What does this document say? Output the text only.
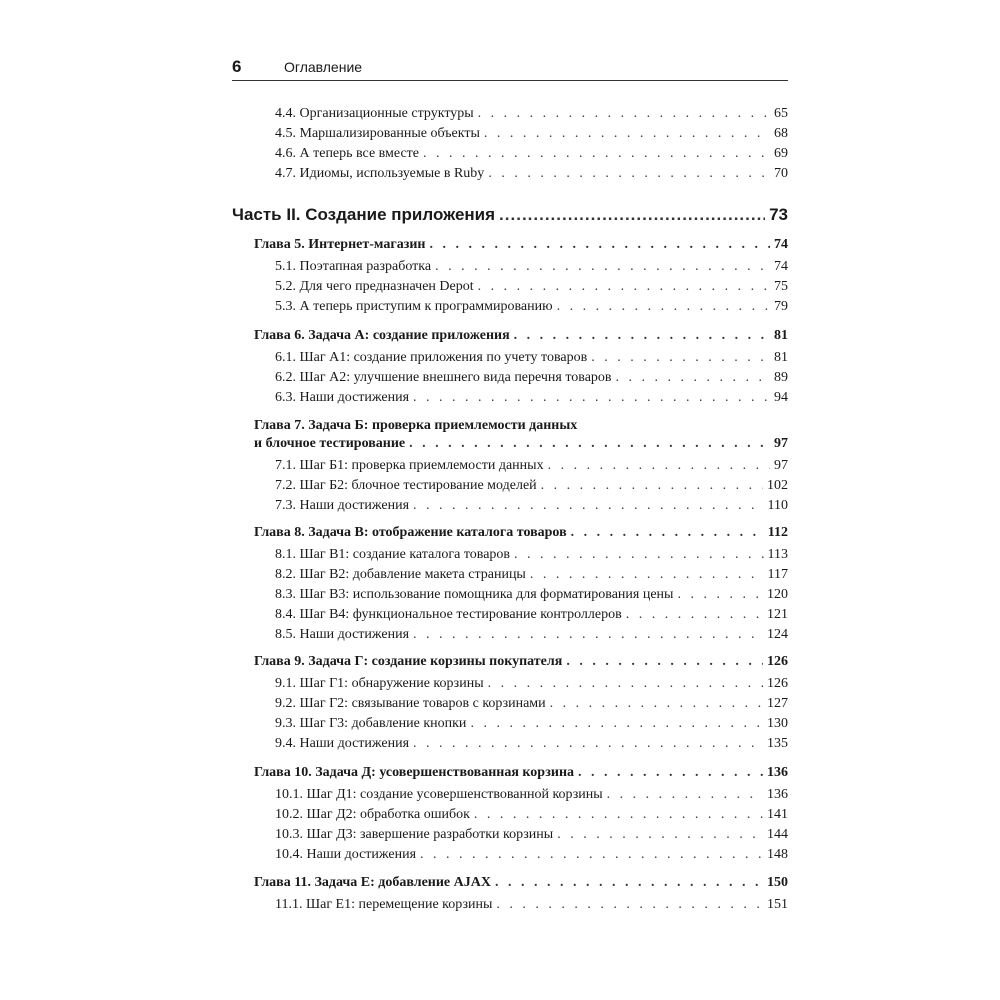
6	Оглавление
4.4. Организационные структуры . . .	65
4.5. Маршализированные объекты . . .	68
4.6. А теперь все вместе . . .	69
4.7. Идиомы, используемые в Ruby . . .	70
Часть II. Создание приложения .....	73
Глава 5. Интернет-магазин . . .	74
5.1. Поэтапная разработка . . .	74
5.2. Для чего предназначен Depot . . .	75
5.3. А теперь приступим к программированию . . .	79
Глава 6. Задача А: создание приложения . . .	81
6.1. Шаг А1: создание приложения по учету товаров . . .	81
6.2. Шаг А2: улучшение внешнего вида перечня товаров . . .	89
6.3. Наши достижения . . .	94
Глава 7. Задача Б: проверка приемлемости данных
и блочное тестирование . . .	97
7.1. Шаг Б1: проверка приемлемости данных . . .	97
7.2. Шаг Б2: блочное тестирование моделей . . .	102
7.3. Наши достижения . . .	110
Глава 8. Задача В: отображение каталога товаров . . .	112
8.1. Шаг В1: создание каталога товаров . . .	113
8.2. Шаг В2: добавление макета страницы . . .	117
8.3. Шаг В3: использование помощника для форматирования цены . . .	120
8.4. Шаг В4: функциональное тестирование контроллеров . . .	121
8.5. Наши достижения . . .	124
Глава 9. Задача Г: создание корзины покупателя . . .	126
9.1. Шаг Г1: обнаружение корзины . . .	126
9.2. Шаг Г2: связывание товаров с корзинами . . .	127
9.3. Шаг Г3: добавление кнопки . . .	130
9.4. Наши достижения . . .	135
Глава 10. Задача Д: усовершенствованная корзина . . .	136
10.1. Шаг Д1: создание усовершенствованной корзины . . .	136
10.2. Шаг Д2: обработка ошибок . . .	141
10.3. Шаг Д3: завершение разработки корзины . . .	144
10.4. Наши достижения . . .	148
Глава 11. Задача Е: добавление AJAX . . .	150
11.1. Шаг Е1: перемещение корзины . . .	151
